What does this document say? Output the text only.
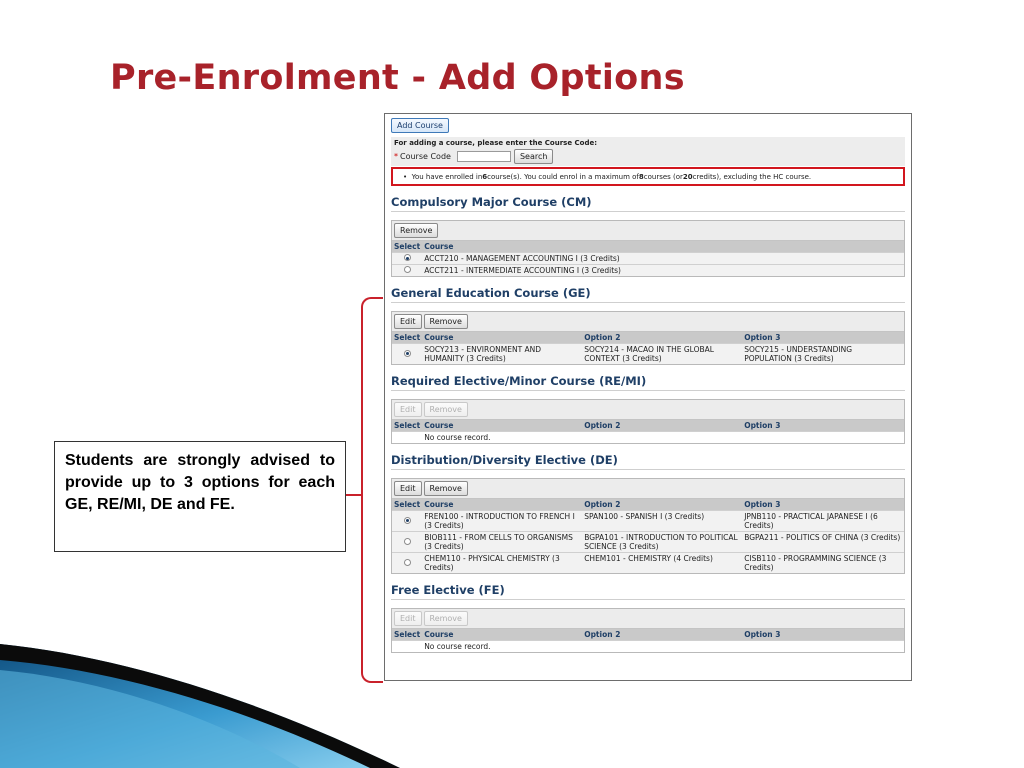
Pre-Enrolment - Add Options
Add Course
For adding a course, please enter the Course Code:
* Course Code	Search
•
You have enrolled in 6 course(s). You could enrol in a maximum of 8 courses (or 20 credits), excluding the HC course.
Compulsory Major Course (CM)
Remove
Select	Course
	ACCT210 - MANAGEMENT ACCOUNTING I (3 Credits)
	ACCT211 - INTERMEDIATE ACCOUNTING I (3 Credits)
General Education Course (GE)
Edit Remove
Select	Course	Option 2	Option 3
	SOCY213 - ENVIRONMENT AND HUMANITY (3 Credits)	SOCY214 - MACAO IN THE GLOBAL CONTEXT (3 Credits)	SOCY215 - UNDERSTANDING POPULATION (3 Credits)
Required Elective/Minor Course (RE/MI)
Edit Remove
Select	Course	Option 2	Option 3
	No course record.		
Distribution/Diversity Elective (DE)
Edit Remove
Select	Course	Option 2	Option 3
	FREN100 - INTRODUCTION TO FRENCH I (3 Credits)	SPAN100 - SPANISH I (3 Credits)	JPNB110 - PRACTICAL JAPANESE I (6 Credits)
	BIOB111 - FROM CELLS TO ORGANISMS (3 Credits)	BGPA101 - INTRODUCTION TO POLITICAL SCIENCE (3 Credits)	BGPA211 - POLITICS OF CHINA (3 Credits)
	CHEM110 - PHYSICAL CHEMISTRY (3 Credits)	CHEM101 - CHEMISTRY (4 Credits)	CISB110 - PROGRAMMING SCIENCE (3 Credits)
Free Elective (FE)
Edit Remove
Select	Course	Option 2	Option 3
	No course record.		
Students are strongly advised to provide up to 3 options for each GE, RE/MI, DE and FE.
